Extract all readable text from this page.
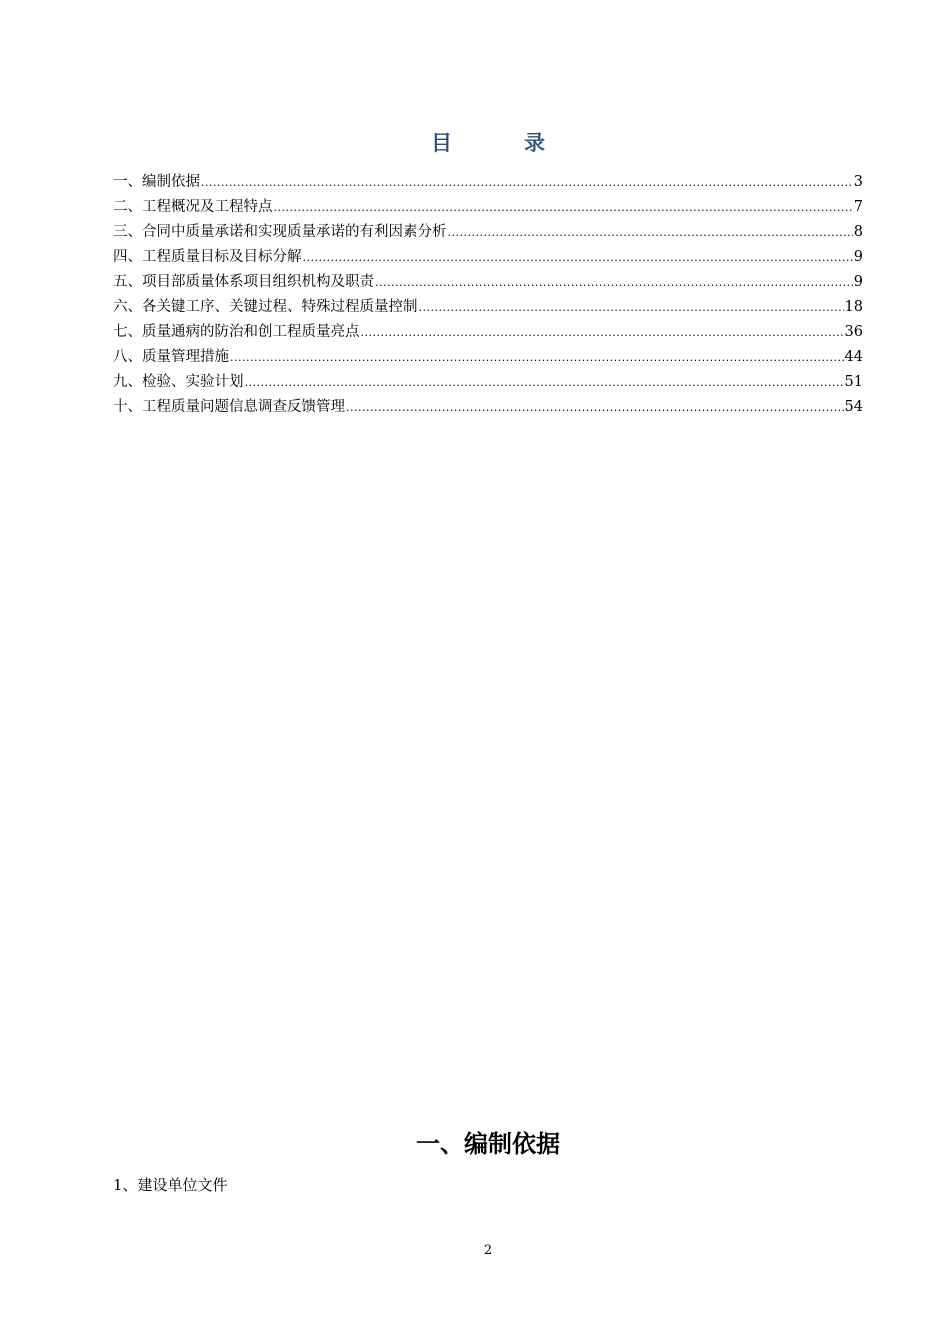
目	录
一、编制依据 .....	3
二、工程概况及工程特点 .....	7
三、合同中质量承诺和实现质量承诺的有利因素分析 .....	8
四、工程质量目标及目标分解 .....	9
五、项目部质量体系项目组织机构及职责 .....	9
六、各关键工序、关键过程、特殊过程质量控制 .....	18
七、质量通病的防治和创工程质量亮点 .....	36
八、质量管理措施 .....	44
九、检验、实验计划 .....	51
十、工程质量问题信息调查反馈管理 .....	54
一、编制依据
1、建设单位文件
2
